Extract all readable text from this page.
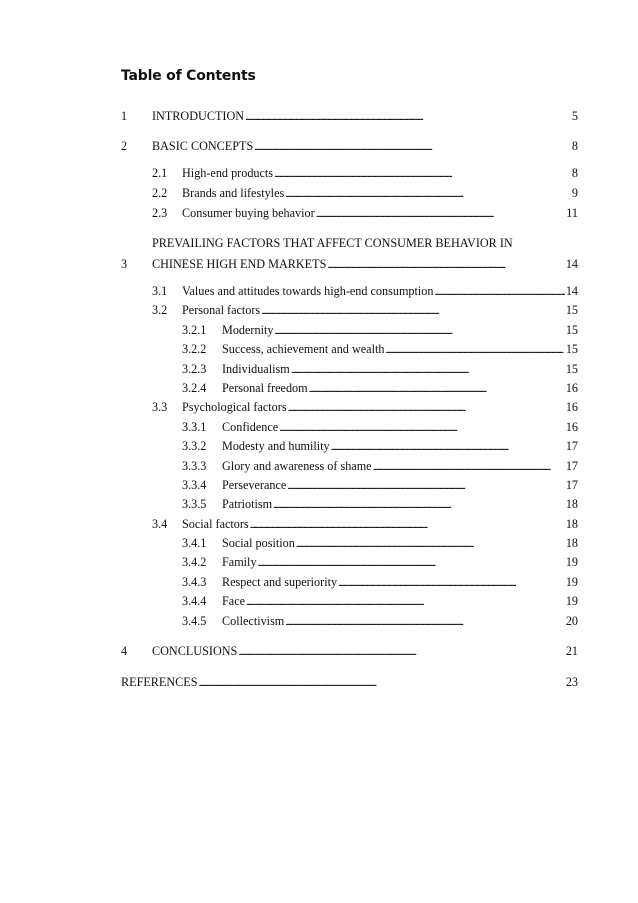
Table of Contents
1 INTRODUCTION . . .	5
2 BASIC CONCEPTS . . .	8
2.1 High-end products . . .	8
2.2 Brands and lifestyles . . .	9
2.3 Consumer buying behavior . . .	11
PREVAILING FACTORS THAT AFFECT CONSUMER BEHAVIOR IN
3 CHINESE HIGH END MARKETS . . .	14
3.1 Values and attitudes towards high-end consumption . . .	14
3.2 Personal factors . . .	15
3.2.1 Modernity . . .	15
3.2.2 Success, achievement and wealth . . .	15
3.2.3 Individualism . . .	15
3.2.4 Personal freedom . . .	16
3.3 Psychological factors . . .	16
3.3.1 Confidence . . .	16
3.3.2 Modesty and humility . . .	17
3.3.3 Glory and awareness of shame . . .	17
3.3.4 Perseverance . . .	17
3.3.5 Patriotism . . .	18
3.4 Social factors . . .	18
3.4.1 Social position . . .	18
3.4.2 Family . . .	19
3.4.3 Respect and superiority . . .	19
3.4.4 Face . . .	19
3.4.5 Collectivism . . .	20
4 CONCLUSIONS . . .	21
REFERENCES . . .	23
